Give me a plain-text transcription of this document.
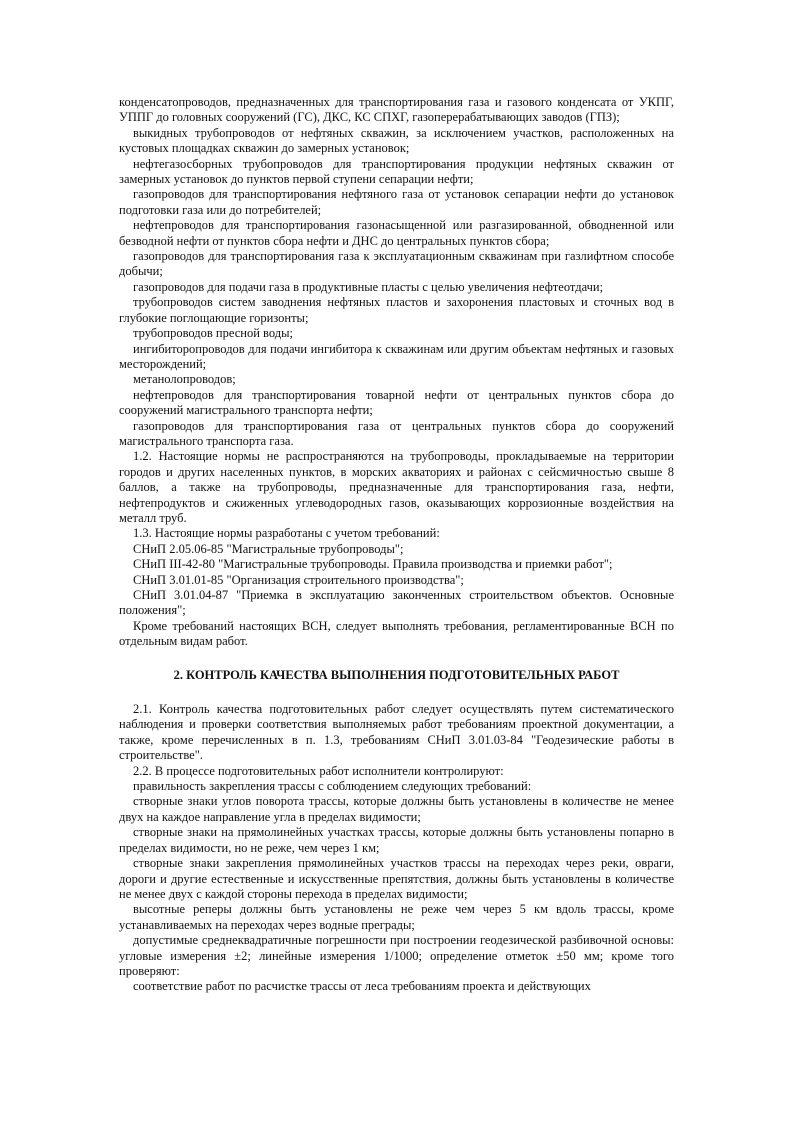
конденсатопроводов, предназначенных для транспортирования газа и газового конденсата от УКПГ, УППГ до головных сооружений (ГС), ДКС, КС СПХГ, газоперерабатывающих заводов (ГПЗ);

выкидных трубопроводов от нефтяных скважин, за исключением участков, расположенных на кустовых площадках скважин до замерных установок;

нефтегазосборных трубопроводов для транспортирования продукции нефтяных скважин от замерных установок до пунктов первой ступени сепарации нефти;

газопроводов для транспортирования нефтяного газа от установок сепарации нефти до установок подготовки газа или до потребителей;

нефтепроводов для транспортирования газонасыщенной или разгазированной, обводненной или безводной нефти от пунктов сбора нефти и ДНС до центральных пунктов сбора;

газопроводов для транспортирования газа к эксплуатационным скважинам при газлифтном способе добычи;

газопроводов для подачи газа в продуктивные пласты с целью увеличения нефтеотдачи;

трубопроводов систем заводнения нефтяных пластов и захоронения пластовых и сточных вод в глубокие поглощающие горизонты;

трубопроводов пресной воды;

ингибиторопроводов для подачи ингибитора к скважинам или другим объектам нефтяных и газовых месторождений;

метанолопроводов;

нефтепроводов для транспортирования товарной нефти от центральных пунктов сбора до сооружений магистрального транспорта нефти;

газопроводов для транспортирования газа от центральных пунктов сбора до сооружений магистрального транспорта газа.

1.2. Настоящие нормы не распространяются на трубопроводы, прокладываемые на территории городов и других населенных пунктов, в морских акваториях и районах с сейсмичностью свыше 8 баллов, а также на трубопроводы, предназначенные для транспортирования газа, нефти, нефтепродуктов и сжиженных углеводородных газов, оказывающих коррозионные воздействия на металл труб.

1.3. Настоящие нормы разработаны с учетом требований:

СНиП 2.05.06-85 "Магистральные трубопроводы";

СНиП III-42-80 "Магистральные трубопроводы. Правила производства и приемки работ";

СНиП 3.01.01-85 "Организация строительного производства";

СНиП 3.01.04-87 "Приемка в эксплуатацию законченных строительством объектов. Основные положения";

Кроме требований настоящих ВСН, следует выполнять требования, регламентированные ВСН по отдельным видам работ.

2. КОНТРОЛЬ КАЧЕСТВА ВЫПОЛНЕНИЯ ПОДГОТОВИТЕЛЬНЫХ РАБОТ

2.1. Контроль качества подготовительных работ следует осуществлять путем систематического наблюдения и проверки соответствия выполняемых работ требованиям проектной документации, а также, кроме перечисленных в п. 1.3, требованиям СНиП 3.01.03-84 "Геодезические работы в строительстве".

2.2. В процессе подготовительных работ исполнители контролируют:

правильность закрепления трассы с соблюдением следующих требований:

створные знаки углов поворота трассы, которые должны быть установлены в количестве не менее двух на каждое направление угла в пределах видимости;

створные знаки на прямолинейных участках трассы, которые должны быть установлены попарно в пределах видимости, но не реже, чем через 1 км;

створные знаки закрепления прямолинейных участков трассы на переходах через реки, овраги, дороги и другие естественные и искусственные препятствия, должны быть установлены в количестве не менее двух с каждой стороны перехода в пределах видимости;

высотные реперы должны быть установлены не реже чем через 5 км вдоль трассы, кроме устанавливаемых на переходах через водные преграды;

допустимые среднеквадратичные погрешности при построении геодезической разбивочной основы: угловые измерения ±2; линейные измерения 1/1000; определение отметок ±50 мм; кроме того проверяют:

соответствие работ по расчистке трассы от леса требованиям проекта и действующих
